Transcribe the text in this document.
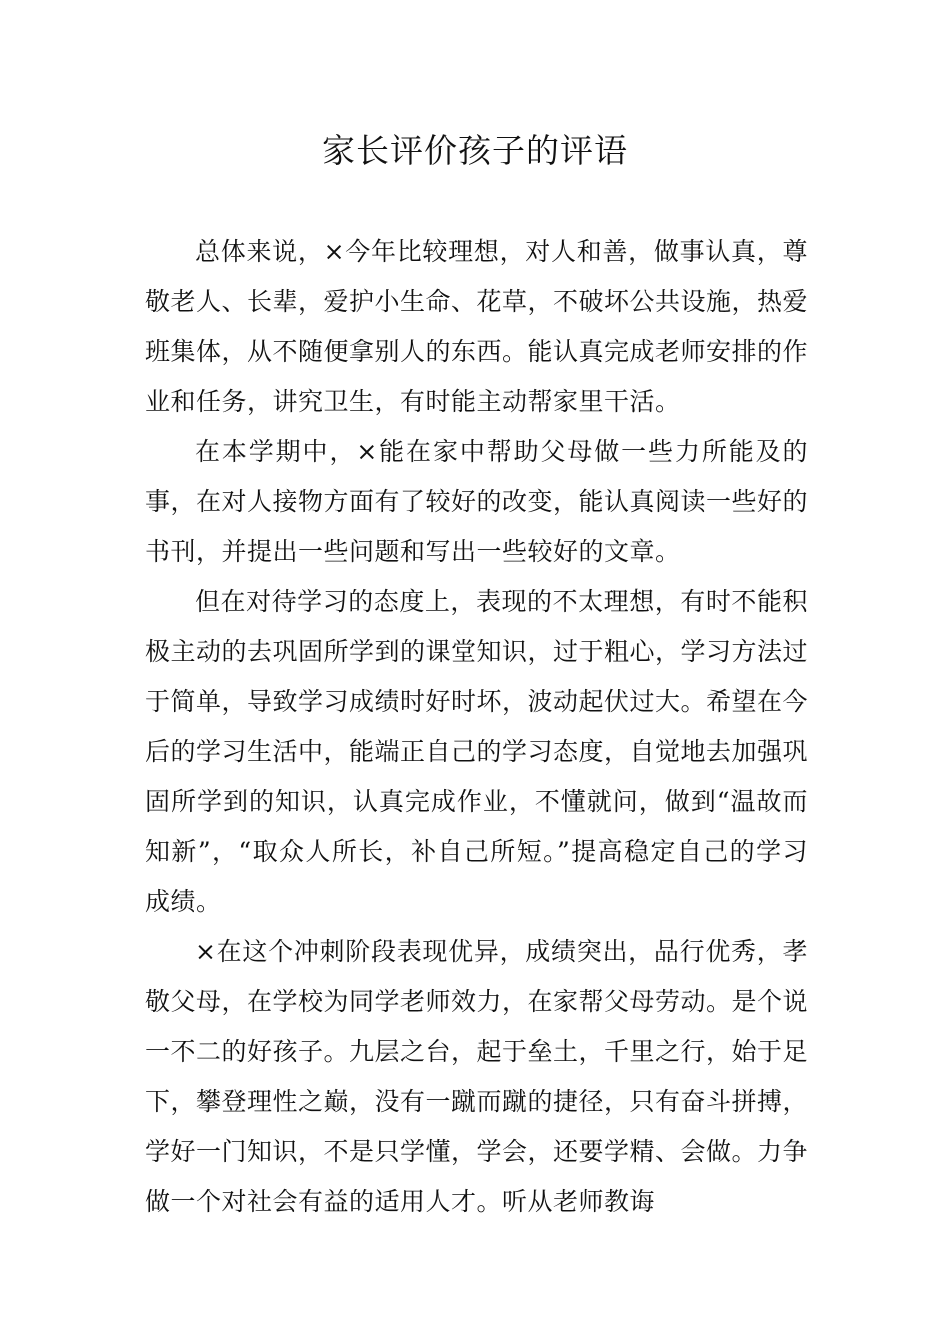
家长评价孩子的评语

总体来说，×今年比较理想，对人和善，做事认真，尊敬老人、长辈，爱护小生命、花草，不破坏公共设施，热爱班集体，从不随便拿别人的东西。能认真完成老师安排的作业和任务，讲究卫生，有时能主动帮家里干活。

在本学期中，×能在家中帮助父母做一些力所能及的事，在对人接物方面有了较好的改变，能认真阅读一些好的书刊，并提出一些问题和写出一些较好的文章。

但在对待学习的态度上，表现的不太理想，有时不能积极主动的去巩固所学到的课堂知识，过于粗心，学习方法过于简单，导致学习成绩时好时坏，波动起伏过大。希望在今后的学习生活中，能端正自己的学习态度，自觉地去加强巩固所学到的知识，认真完成作业，不懂就问，做到“温故而知新”，“取众人所长，补自己所短。”提高稳定自己的学习成绩。

×在这个冲刺阶段表现优异，成绩突出，品行优秀，孝敬父母，在学校为同学老师效力，在家帮父母劳动。是个说一不二的好孩子。九层之台，起于垒土，千里之行，始于足下，攀登理性之巅，没有一蹴而蹴的捷径，只有奋斗拼搏，学好一门知识，不是只学懂，学会，还要学精、会做。力争做一个对社会有益的适用人才。听从老师教诲
